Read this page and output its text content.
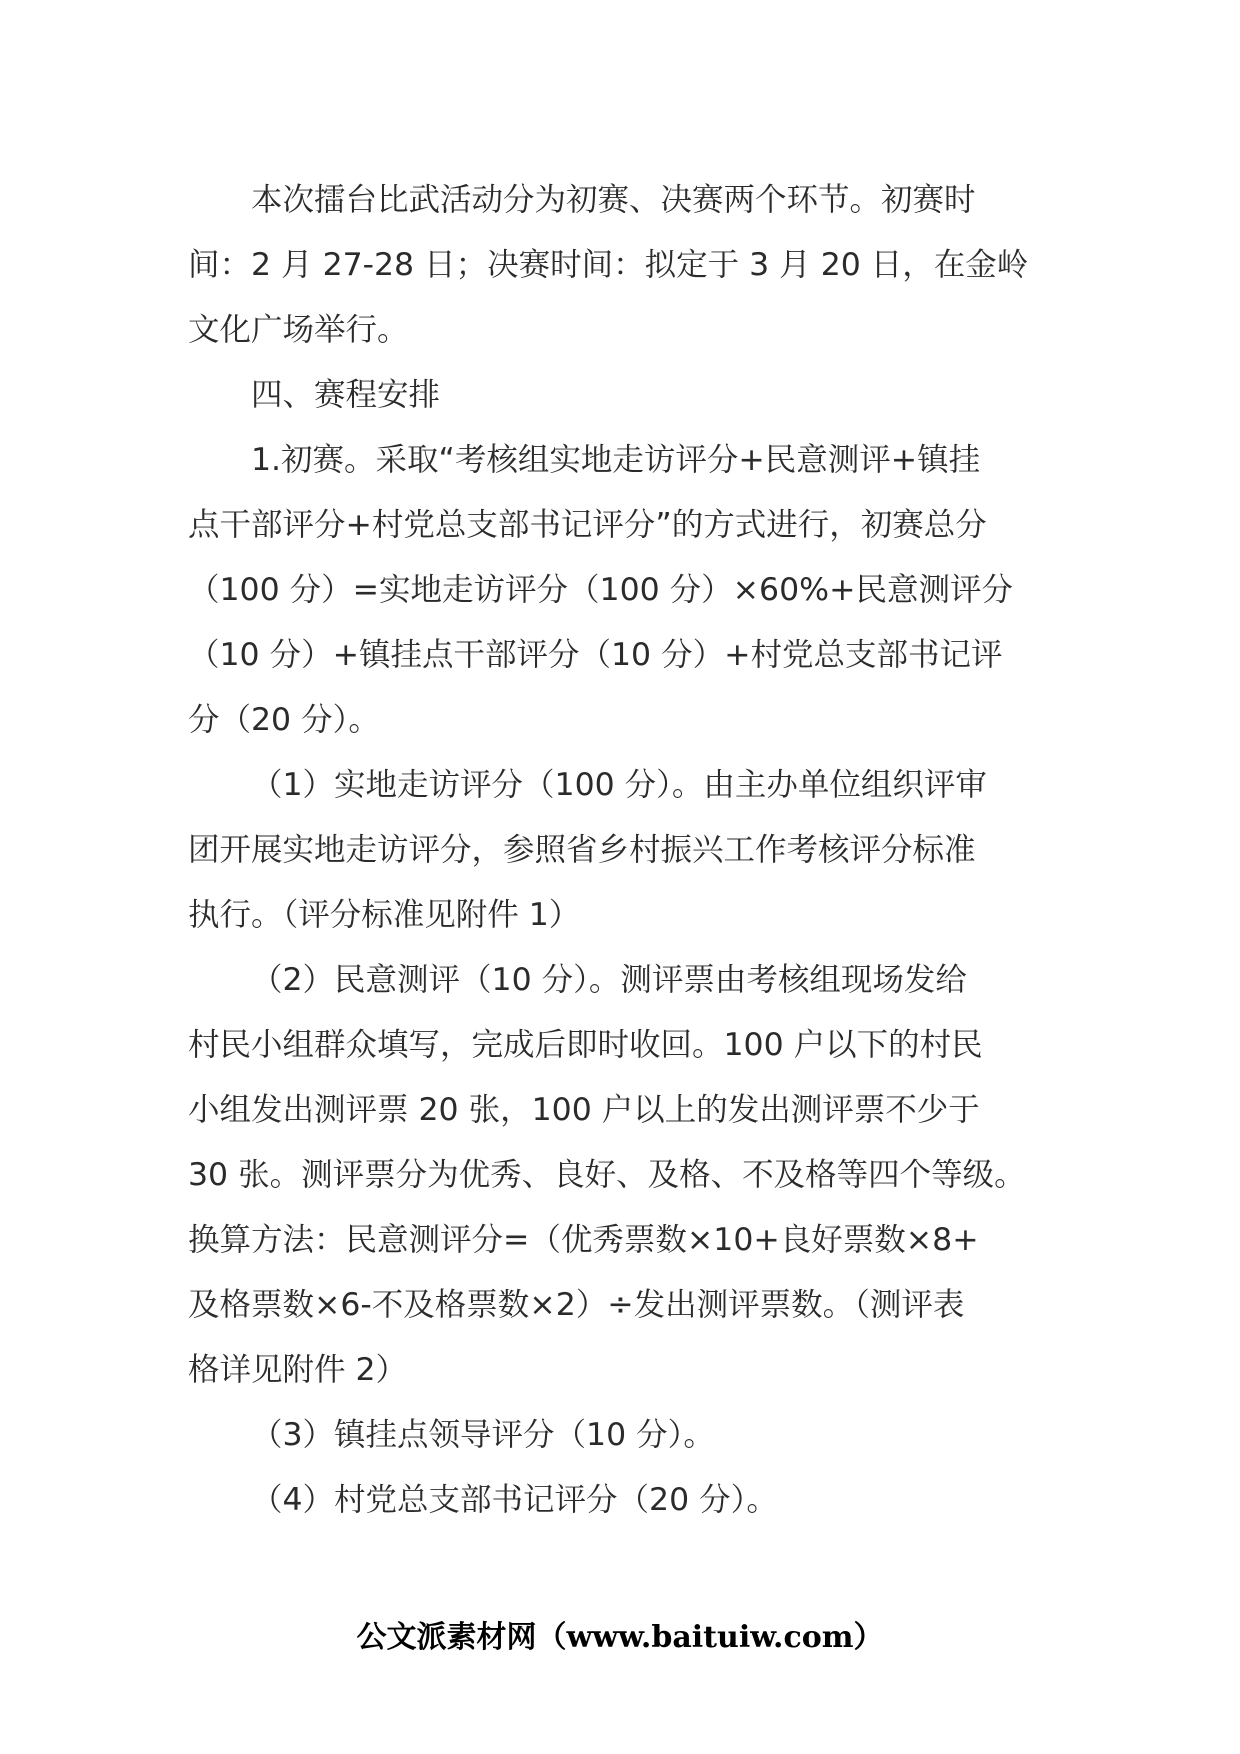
本次擂台比武活动分为初赛、决赛两个环节。初赛时

间：2 月 27-28 日；决赛时间：拟定于 3 月 20 日，在金岭

文化广场举行。

四、赛程安排

1.初赛。采取“考核组实地走访评分+民意测评+镇挂

点干部评分+村党总支部书记评分”的方式进行，初赛总分

（100 分）=实地走访评分（100 分）×60%+民意测评分

（10 分）+镇挂点干部评分（10 分）+村党总支部书记评

分（20 分）。

（1）实地走访评分（100 分）。由主办单位组织评审

团开展实地走访评分，参照省乡村振兴工作考核评分标准

执行。（评分标准见附件 1）

（2）民意测评（10 分）。测评票由考核组现场发给

村民小组群众填写，完成后即时收回。100 户以下的村民

小组发出测评票 20 张，100 户以上的发出测评票不少于

30 张。测评票分为优秀、良好、及格、不及格等四个等级。

换算方法：民意测评分=（优秀票数×10+良好票数×8+

及格票数×6-不及格票数×2）÷发出测评票数。（测评表

格详见附件 2）

（3）镇挂点领导评分（10 分）。

（4）村党总支部书记评分（20 分）。

公文派素材网（www.baituiw.com）
